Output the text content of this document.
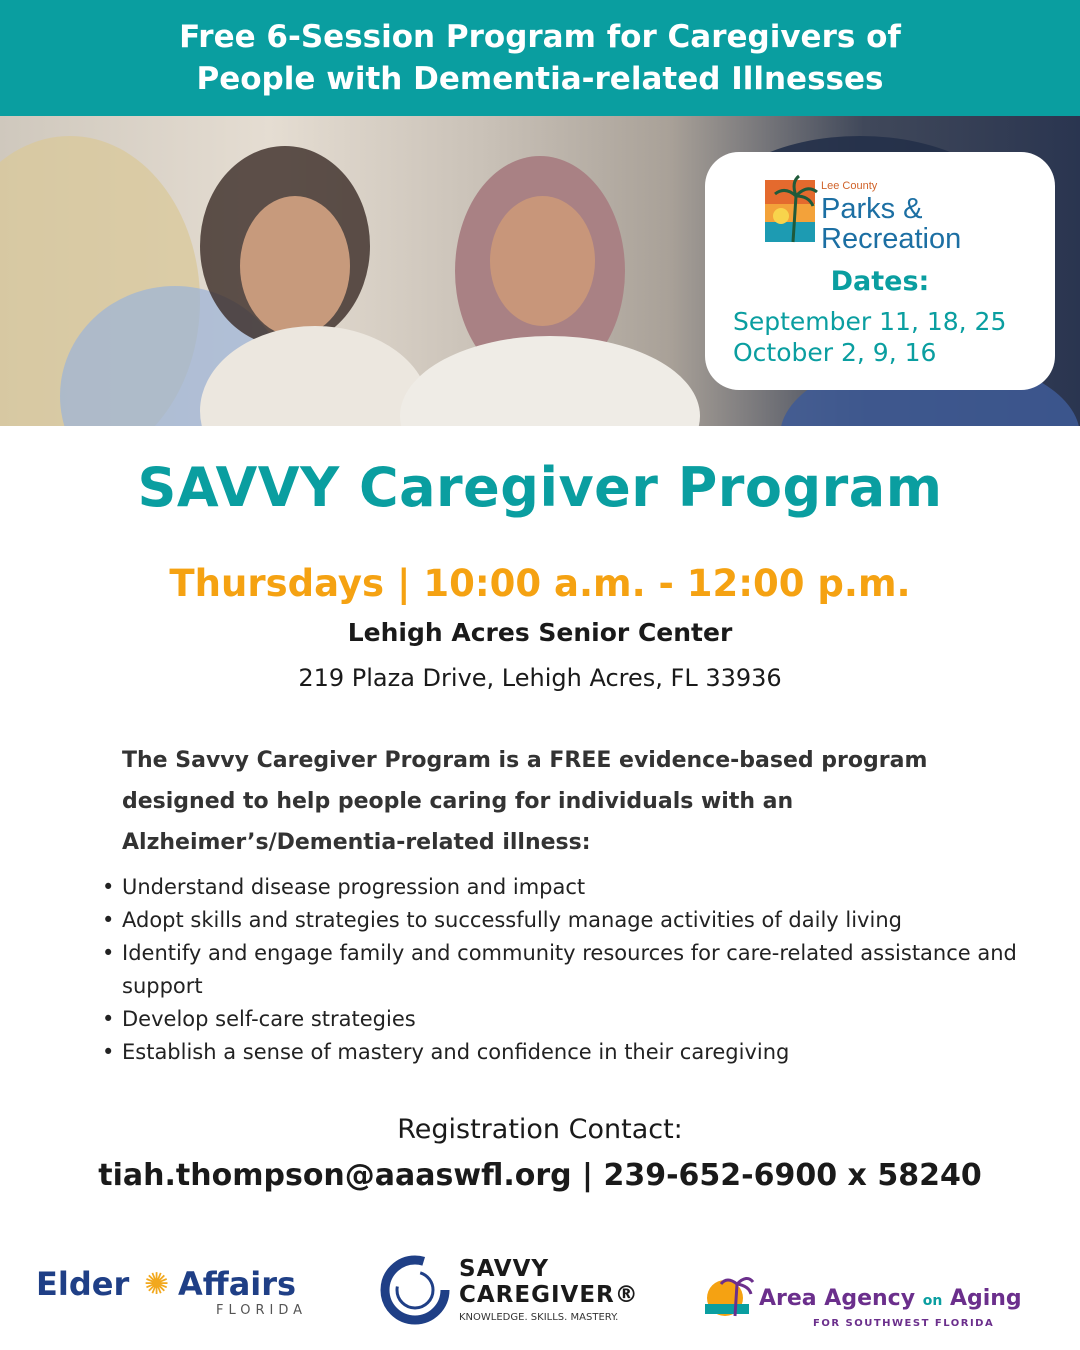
Free 6-Session Program for Caregivers of
People with Dementia-related Illnesses
Lee County
Parks &
Recreation
Dates:
September 11, 18, 25
October 2, 9, 16
SAVVY Caregiver Program
Thursdays | 10:00 a.m. - 12:00 p.m.
Lehigh Acres Senior Center
219 Plaza Drive, Lehigh Acres, FL 33936
The Savvy Caregiver Program is a FREE evidence-based program designed to help people caring for individuals with an Alzheimer’s/Dementia-related illness:
• Understand disease progression and impact
• Adopt skills and strategies to successfully manage activities of daily living
• Identify and engage family and community resources for care-related assistance and support
• Develop self-care strategies
• Establish a sense of mastery and confidence in their caregiving
Registration Contact:
tiah.thompson@aaaswfl.org | 239-652-6900 x 58240
Elder ✺ Affairs
FLORIDA
SAVVY
CAREGIVER®
KNOWLEDGE. SKILLS. MASTERY.
Area Agency on Aging
FOR SOUTHWEST FLORIDA
